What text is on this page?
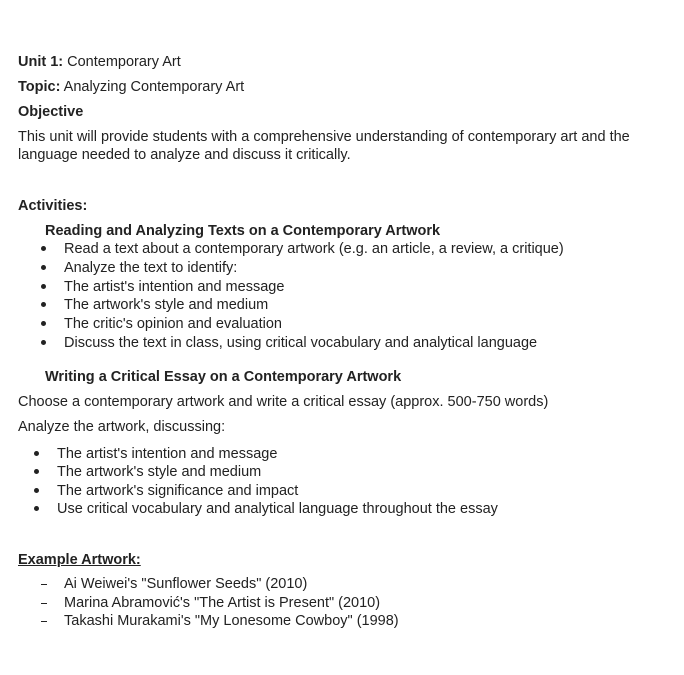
Unit 1: Contemporary Art
Topic: Analyzing Contemporary Art
Objective
This unit will provide students with a comprehensive understanding of contemporary art and the language needed to analyze and discuss it critically.
Activities:
Reading and Analyzing Texts on a Contemporary Artwork
Read a text about a contemporary artwork (e.g. an article, a review, a critique)
Analyze the text to identify:
The artist's intention and message
The artwork's style and medium
The critic's opinion and evaluation
Discuss the text in class, using critical vocabulary and analytical language
Writing a Critical Essay on a Contemporary Artwork
Choose a contemporary artwork and write a critical essay (approx. 500-750 words)
Analyze the artwork, discussing:
The artist's intention and message
The artwork's style and medium
The artwork's significance and impact
Use critical vocabulary and analytical language throughout the essay
Example Artwork:
Ai Weiwei's "Sunflower Seeds" (2010)
Marina Abramović's "The Artist is Present" (2010)
Takashi Murakami's "My Lonesome Cowboy" (1998)
